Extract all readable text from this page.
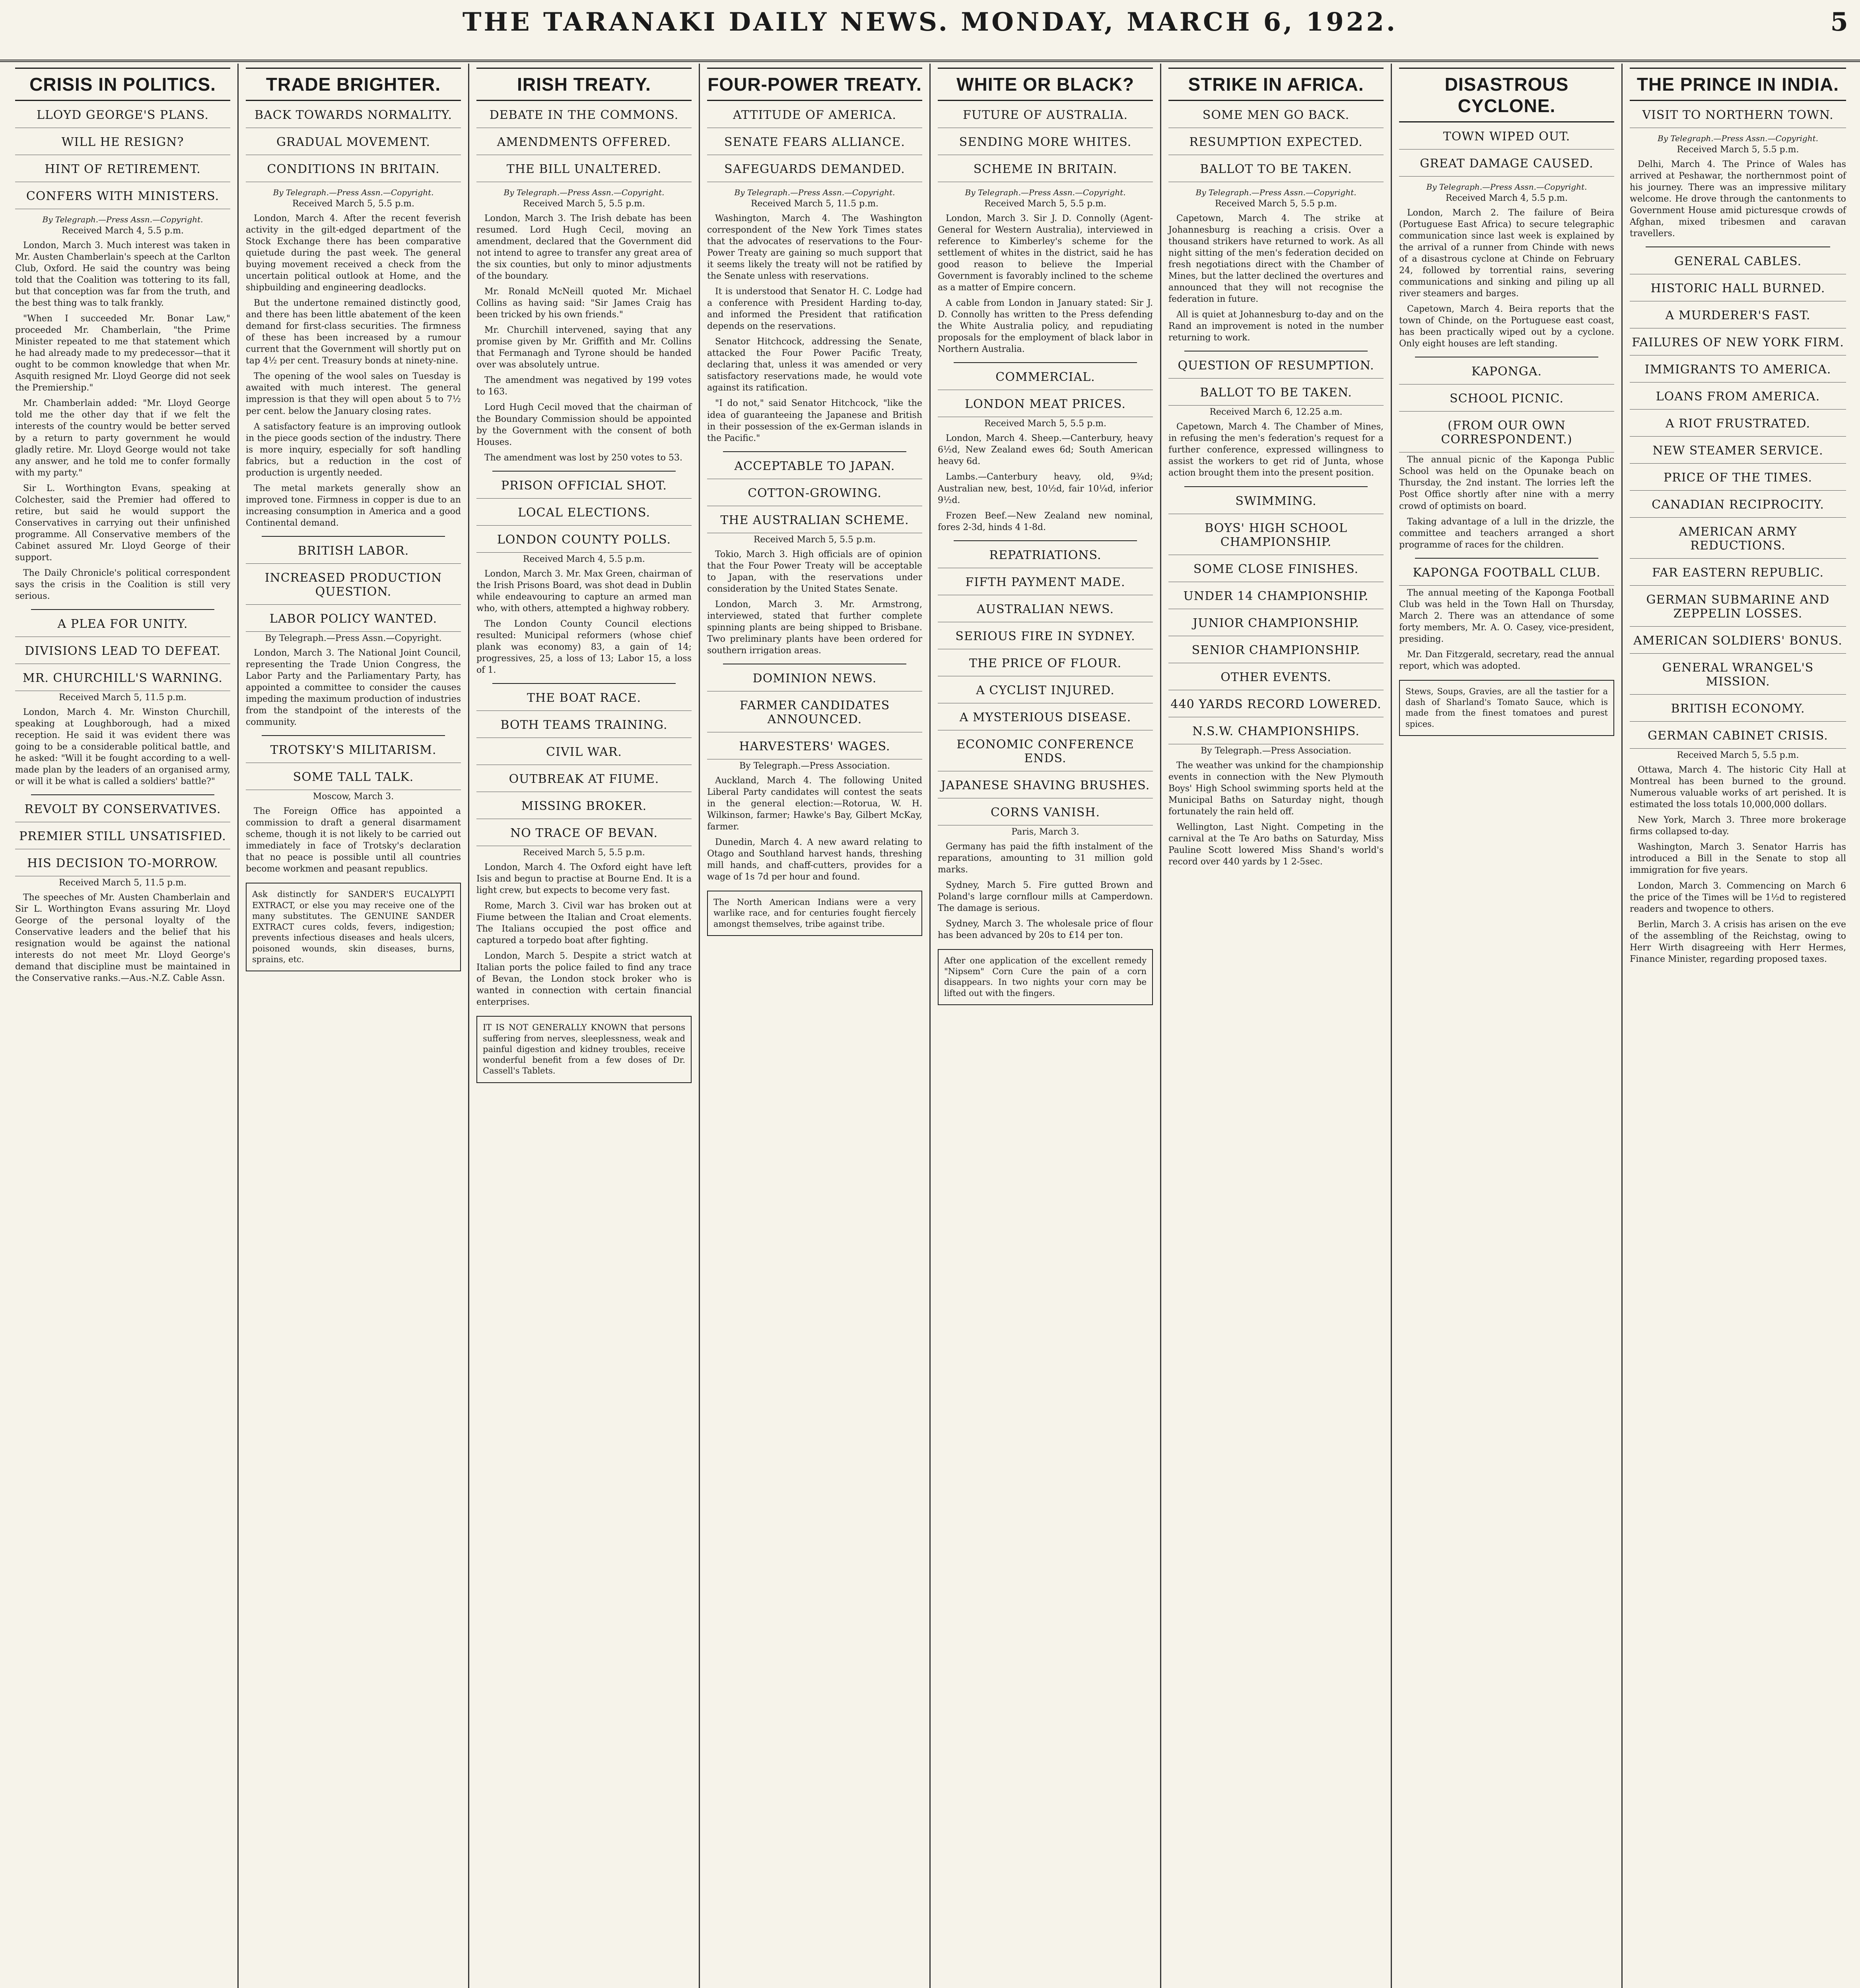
THE TARANAKI DAILY NEWS. MONDAY, MARCH 6, 1922.	5
CRISIS IN POLITICS.
LLOYD GEORGE'S PLANS.
WILL HE RESIGN?
HINT OF RETIREMENT.
CONFERS WITH MINISTERS.
By Telegraph.—Press Assn.—Copyright.
Received March 4, 5.5 p.m.

London, March 3. Much interest was taken in Mr. Austen Chamberlain's speech at the Carlton Club, Oxford. He said the country was being told that the Coalition was tottering to its fall, but that conception was far from the truth, and the best thing was to talk frankly.

"When I succeeded Mr. Bonar Law," proceeded Mr. Chamberlain, "the Prime Minister repeated to me that statement which he had already made to my predecessor—that it ought to be common knowledge that when Mr. Asquith resigned Mr. Lloyd George did not seek the Premiership."

Mr. Chamberlain added: "Mr. Lloyd George told me the other day that if we felt the interests of the country would be better served by a return to party government he would gladly retire. Mr. Lloyd George would not take any answer, and he told me to confer formally with my party."

Sir L. Worthington Evans, speaking at Colchester, said the Premier had offered to retire, but said he would support the Conservatives in carrying out their unfinished programme. All Conservative members of the Cabinet assured Mr. Lloyd George of their support.

The Daily Chronicle's political correspondent says the crisis in the Coalition is still very serious.

A PLEA FOR UNITY.
DIVISIONS LEAD TO DEFEAT.
MR. CHURCHILL'S WARNING.
Received March 5, 11.5 p.m.

London, March 4. Mr. Winston Churchill, speaking at Loughborough, had a mixed reception. He said it was evident there was going to be a considerable political battle, and he asked: "Will it be fought according to a well-made plan by the leaders of an organised army, or will it be what is called a soldiers' battle?"

REVOLT BY CONSERVATIVES.
PREMIER STILL UNSATISFIED.
HIS DECISION TO-MORROW.
Received March 5, 11.5 p.m.

The speeches of Mr. Austen Chamberlain and Sir L. Worthington Evans assuring Mr. Lloyd George of the personal loyalty of the Conservative leaders and the belief that his resignation would be against the national interests do not meet Mr. Lloyd George's demand that discipline must be maintained in the Conservative ranks.—Aus.-N.Z. Cable Assn.

TRADE BRIGHTER.
BACK TOWARDS NORMALITY.
GRADUAL MOVEMENT.
CONDITIONS IN BRITAIN.
By Telegraph.—Press Assn.—Copyright.
Received March 5, 5.5 p.m.

London, March 4. After the recent feverish activity in the gilt-edged department of the Stock Exchange there has been comparative quietude during the past week. The general buying movement received a check from the uncertain political outlook at Home, and the shipbuilding and engineering deadlocks.

But the undertone remained distinctly good, and there has been little abatement of the keen demand for first-class securities. The firmness of these has been increased by a rumour current that the Government will shortly put on tap 4½ per cent. Treasury bonds at ninety-nine.

The opening of the wool sales on Tuesday is awaited with much interest. The general impression is that they will open about 5 to 7½ per cent. below the January closing rates.

A satisfactory feature is an improving outlook in the piece goods section of the industry. There is more inquiry, especially for soft handling fabrics, but a reduction in the cost of production is urgently needed.

The metal markets generally show an improved tone. Firmness in copper is due to an increasing consumption in America and a good Continental demand.

BRITISH LABOR.
INCREASED PRODUCTION QUESTION.
LABOR POLICY WANTED.
By Telegraph.—Press Assn.—Copyright.

London, March 3. The National Joint Council, representing the Trade Union Congress, the Labor Party and the Parliamentary Party, has appointed a committee to consider the causes impeding the maximum production of industries from the standpoint of the interests of the community.

TROTSKY'S MILITARISM.
SOME TALL TALK.
Moscow, March 3.

The Foreign Office has appointed a commission to draft a general disarmament scheme, though it is not likely to be carried out immediately in face of Trotsky's declaration that no peace is possible until all countries become workmen and peasant republics.

Ask distinctly for SANDER'S EUCALYPTI EXTRACT, or else you may receive one of the many substitutes. The GENUINE SANDER EXTRACT cures colds, fevers, indigestion; prevents infectious diseases and heals ulcers, poisoned wounds, skin diseases, burns, sprains, etc.
IRISH TREATY.
DEBATE IN THE COMMONS.
AMENDMENTS OFFERED.
THE BILL UNALTERED.
By Telegraph.—Press Assn.—Copyright.
Received March 5, 5.5 p.m.

London, March 3. The Irish debate has been resumed. Lord Hugh Cecil, moving an amendment, declared that the Government did not intend to agree to transfer any great area of the six counties, but only to minor adjustments of the boundary.

Mr. Ronald McNeill quoted Mr. Michael Collins as having said: "Sir James Craig has been tricked by his own friends."

Mr. Churchill intervened, saying that any promise given by Mr. Griffith and Mr. Collins that Fermanagh and Tyrone should be handed over was absolutely untrue.

The amendment was negatived by 199 votes to 163.

Lord Hugh Cecil moved that the chairman of the Boundary Commission should be appointed by the Government with the consent of both Houses.

The amendment was lost by 250 votes to 53.

PRISON OFFICIAL SHOT.
LOCAL ELECTIONS.
LONDON COUNTY POLLS.
Received March 4, 5.5 p.m.

London, March 3. Mr. Max Green, chairman of the Irish Prisons Board, was shot dead in Dublin while endeavouring to capture an armed man who, with others, attempted a highway robbery.

The London County Council elections resulted: Municipal reformers (whose chief plank was economy) 83, a gain of 14; progressives, 25, a loss of 13; Labor 15, a loss of 1.

THE BOAT RACE.
BOTH TEAMS TRAINING.
CIVIL WAR.
OUTBREAK AT FIUME.
MISSING BROKER.
NO TRACE OF BEVAN.
Received March 5, 5.5 p.m.

London, March 4. The Oxford eight have left Isis and begun to practise at Bourne End. It is a light crew, but expects to become very fast.

Rome, March 3. Civil war has broken out at Fiume between the Italian and Croat elements. The Italians occupied the post office and captured a torpedo boat after fighting.

London, March 5. Despite a strict watch at Italian ports the police failed to find any trace of Bevan, the London stock broker who is wanted in connection with certain financial enterprises.

IT IS NOT GENERALLY KNOWN that persons suffering from nerves, sleeplessness, weak and painful digestion and kidney troubles, receive wonderful benefit from a few doses of Dr. Cassell's Tablets.
FOUR-POWER TREATY.
ATTITUDE OF AMERICA.
SENATE FEARS ALLIANCE.
SAFEGUARDS DEMANDED.
By Telegraph.—Press Assn.—Copyright.
Received March 5, 11.5 p.m.

Washington, March 4. The Washington correspondent of the New York Times states that the advocates of reservations to the Four-Power Treaty are gaining so much support that it seems likely the treaty will not be ratified by the Senate unless with reservations.

It is understood that Senator H. C. Lodge had a conference with President Harding to-day, and informed the President that ratification depends on the reservations.

Senator Hitchcock, addressing the Senate, attacked the Four Power Pacific Treaty, declaring that, unless it was amended or very satisfactory reservations made, he would vote against its ratification.

"I do not," said Senator Hitchcock, "like the idea of guaranteeing the Japanese and British in their possession of the ex-German islands in the Pacific."

ACCEPTABLE TO JAPAN.
COTTON-GROWING.
THE AUSTRALIAN SCHEME.
Received March 5, 5.5 p.m.

Tokio, March 3. High officials are of opinion that the Four Power Treaty will be acceptable to Japan, with the reservations under consideration by the United States Senate.

London, March 3. Mr. Armstrong, interviewed, stated that further complete spinning plants are being shipped to Brisbane. Two preliminary plants have been ordered for southern irrigation areas.

DOMINION NEWS.
FARMER CANDIDATES ANNOUNCED.
HARVESTERS' WAGES.
By Telegraph.—Press Association.

Auckland, March 4. The following United Liberal Party candidates will contest the seats in the general election:—Rotorua, W. H. Wilkinson, farmer; Hawke's Bay, Gilbert McKay, farmer.

Dunedin, March 4. A new award relating to Otago and Southland harvest hands, threshing mill hands, and chaff-cutters, provides for a wage of 1s 7d per hour and found.

The North American Indians were a very warlike race, and for centuries fought fiercely amongst themselves, tribe against tribe.
WHITE OR BLACK?
FUTURE OF AUSTRALIA.
SENDING MORE WHITES.
SCHEME IN BRITAIN.
By Telegraph.—Press Assn.—Copyright.
Received March 5, 5.5 p.m.

London, March 3. Sir J. D. Connolly (Agent-General for Western Australia), interviewed in reference to Kimberley's scheme for the settlement of whites in the district, said he has good reason to believe the Imperial Government is favorably inclined to the scheme as a matter of Empire concern.

A cable from London in January stated: Sir J. D. Connolly has written to the Press defending the White Australia policy, and repudiating proposals for the employment of black labor in Northern Australia.

COMMERCIAL.
LONDON MEAT PRICES.
Received March 5, 5.5 p.m.

London, March 4. Sheep.—Canterbury, heavy 6½d, New Zealand ewes 6d; South American heavy 6d.

Lambs.—Canterbury heavy, old, 9¾d; Australian new, best, 10½d, fair 10¼d, inferior 9½d.

Frozen Beef.—New Zealand new nominal, fores 2-3d, hinds 4 1-8d.

REPATRIATIONS.
FIFTH PAYMENT MADE.
AUSTRALIAN NEWS.
SERIOUS FIRE IN SYDNEY.
THE PRICE OF FLOUR.
A CYCLIST INJURED.
A MYSTERIOUS DISEASE.
ECONOMIC CONFERENCE ENDS.
JAPANESE SHAVING BRUSHES.
CORNS VANISH.
Paris, March 3.

Germany has paid the fifth instalment of the reparations, amounting to 31 million gold marks.

Sydney, March 5. Fire gutted Brown and Poland's large cornflour mills at Camperdown. The damage is serious.

Sydney, March 3. The wholesale price of flour has been advanced by 20s to £14 per ton.

After one application of the excellent remedy "Nipsem" Corn Cure the pain of a corn disappears. In two nights your corn may be lifted out with the fingers.
STRIKE IN AFRICA.
SOME MEN GO BACK.
RESUMPTION EXPECTED.
BALLOT TO BE TAKEN.
By Telegraph.—Press Assn.—Copyright.
Received March 5, 5.5 p.m.

Capetown, March 4. The strike at Johannesburg is reaching a crisis. Over a thousand strikers have returned to work. As all night sitting of the men's federation decided on fresh negotiations direct with the Chamber of Mines, but the latter declined the overtures and announced that they will not recognise the federation in future.

All is quiet at Johannesburg to-day and on the Rand an improvement is noted in the number returning to work.

QUESTION OF RESUMPTION.
BALLOT TO BE TAKEN.
Received March 6, 12.25 a.m.

Capetown, March 4. The Chamber of Mines, in refusing the men's federation's request for a further conference, expressed willingness to assist the workers to get rid of Junta, whose action brought them into the present position.

SWIMMING.
BOYS' HIGH SCHOOL CHAMPIONSHIP.
SOME CLOSE FINISHES.
UNDER 14 CHAMPIONSHIP.
JUNIOR CHAMPIONSHIP.
SENIOR CHAMPIONSHIP.
OTHER EVENTS.
440 YARDS RECORD LOWERED.
N.S.W. CHAMPIONSHIPS.
By Telegraph.—Press Association.

The weather was unkind for the championship events in connection with the New Plymouth Boys' High School swimming sports held at the Municipal Baths on Saturday night, though fortunately the rain held off.

Wellington, Last Night. Competing in the carnival at the Te Aro baths on Saturday, Miss Pauline Scott lowered Miss Shand's world's record over 440 yards by 1 2-5sec.

DISASTROUS CYCLONE.
TOWN WIPED OUT.
GREAT DAMAGE CAUSED.
By Telegraph.—Press Assn.—Copyright.
Received March 4, 5.5 p.m.

London, March 2. The failure of Beira (Portuguese East Africa) to secure telegraphic communication since last week is explained by the arrival of a runner from Chinde with news of a disastrous cyclone at Chinde on February 24, followed by torrential rains, severing communications and sinking and piling up all river steamers and barges.

Capetown, March 4. Beira reports that the town of Chinde, on the Portuguese east coast, has been practically wiped out by a cyclone. Only eight houses are left standing.

KAPONGA.
SCHOOL PICNIC.
(FROM OUR OWN CORRESPONDENT.)

The annual picnic of the Kaponga Public School was held on the Opunake beach on Thursday, the 2nd instant. The lorries left the Post Office shortly after nine with a merry crowd of optimists on board.

Taking advantage of a lull in the drizzle, the committee and teachers arranged a short programme of races for the children.

KAPONGA FOOTBALL CLUB.

The annual meeting of the Kaponga Football Club was held in the Town Hall on Thursday, March 2. There was an attendance of some forty members, Mr. A. O. Casey, vice-president, presiding.

Mr. Dan Fitzgerald, secretary, read the annual report, which was adopted.

Stews, Soups, Gravies, are all the tastier for a dash of Sharland's Tomato Sauce, which is made from the finest tomatoes and purest spices.
THE PRINCE IN INDIA.
VISIT TO NORTHERN TOWN.
By Telegraph.—Press Assn.—Copyright.
Received March 5, 5.5 p.m.

Delhi, March 4. The Prince of Wales has arrived at Peshawar, the northernmost point of his journey. There was an impressive military welcome. He drove through the cantonments to Government House amid picturesque crowds of Afghan, mixed tribesmen and caravan travellers.

GENERAL CABLES.
HISTORIC HALL BURNED.
A MURDERER'S FAST.
FAILURES OF NEW YORK FIRM.
IMMIGRANTS TO AMERICA.
LOANS FROM AMERICA.
A RIOT FRUSTRATED.
NEW STEAMER SERVICE.
PRICE OF THE TIMES.
CANADIAN RECIPROCITY.
AMERICAN ARMY REDUCTIONS.
FAR EASTERN REPUBLIC.
GERMAN SUBMARINE AND ZEPPELIN LOSSES.
AMERICAN SOLDIERS' BONUS.
GENERAL WRANGEL'S MISSION.
BRITISH ECONOMY.
GERMAN CABINET CRISIS.
Received March 5, 5.5 p.m.

Ottawa, March 4. The historic City Hall at Montreal has been burned to the ground. Numerous valuable works of art perished. It is estimated the loss totals 10,000,000 dollars.

New York, March 3. Three more brokerage firms collapsed to-day.

Washington, March 3. Senator Harris has introduced a Bill in the Senate to stop all immigration for five years.

London, March 3. Commencing on March 6 the price of the Times will be 1½d to registered readers and twopence to others.

Berlin, March 3. A crisis has arisen on the eve of the assembling of the Reichstag, owing to Herr Wirth disagreeing with Herr Hermes, Finance Minister, regarding proposed taxes.
